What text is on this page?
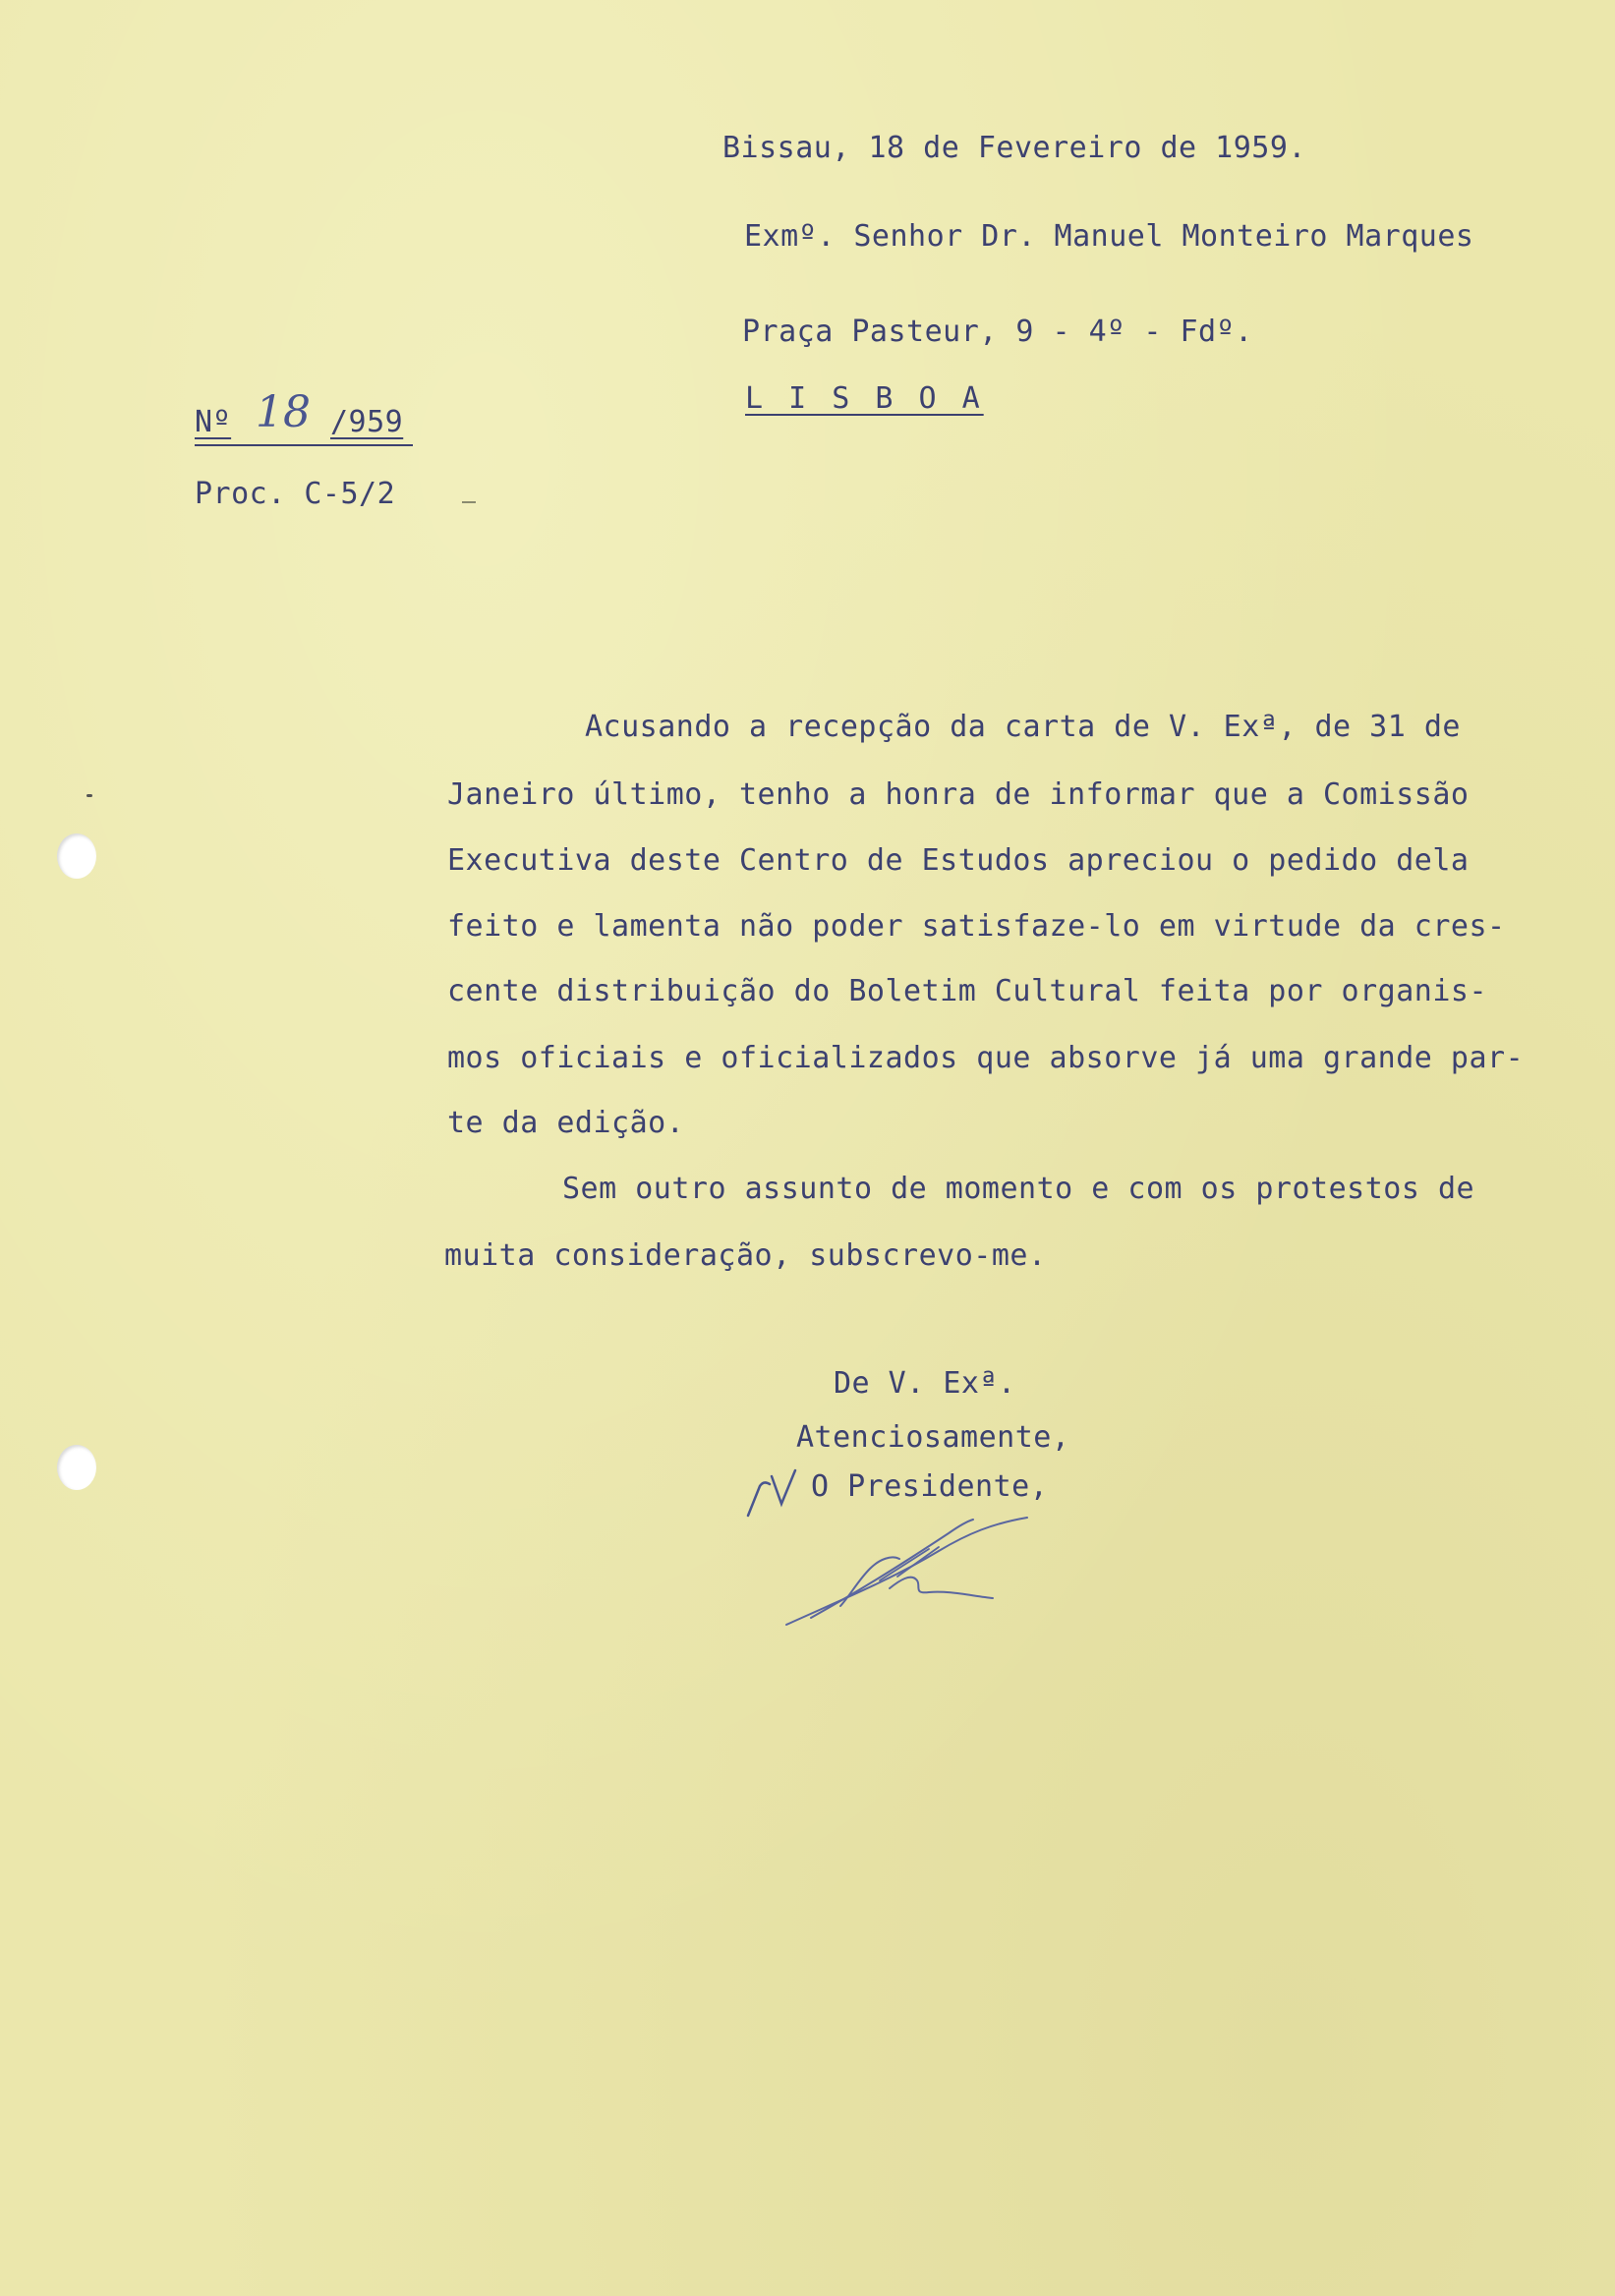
Bissau, 18 de Fevereiro de 1959.
Exmº. Senhor Dr. Manuel Monteiro Marques
Praça Pasteur, 9 - 4º - Fdº.
L I S B O A
Nº 18 /959
Proc. C-5/2
Acusando a recepção da carta de V. Exª, de 31 de
Janeiro último, tenho a honra de informar que a Comissão
Executiva deste Centro de Estudos apreciou o pedido dela
feito e lamenta não poder satisfaze-lo em virtude da cres-
cente distribuição do Boletim Cultural feita por organis-
mos oficiais e oficializados que absorve já uma grande par-
te da edição.
Sem outro assunto de momento e com os protestos de
muita consideração, subscrevo-me.
De V. Exª.
Atenciosamente,
O Presidente,
